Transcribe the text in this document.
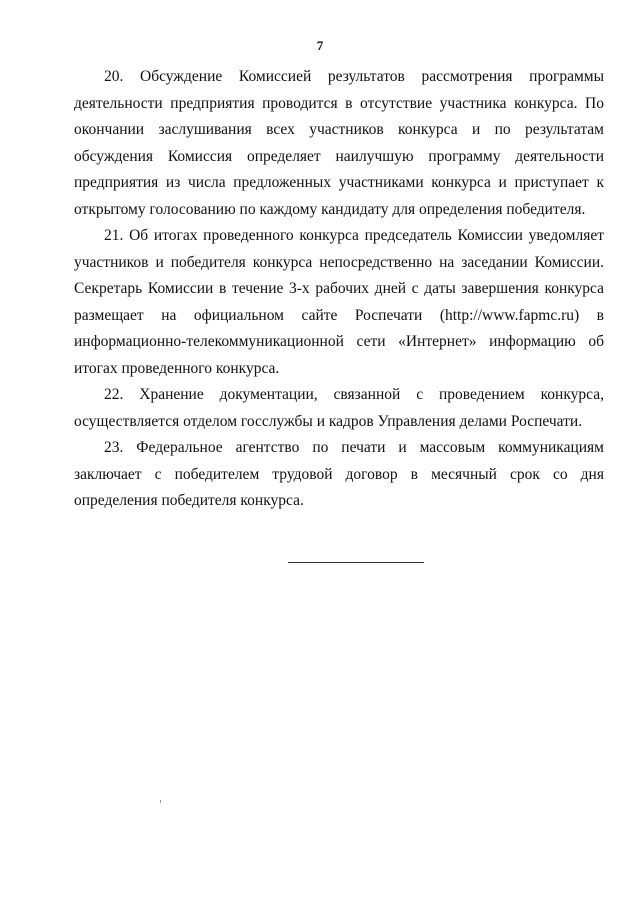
7

20. Обсуждение Комиссией результатов рассмотрения программы деятельности предприятия проводится в отсутствие участника конкурса. По окончании заслушивания всех участников конкурса и по результатам обсуждения Комиссия определяет наилучшую программу деятельности предприятия из числа предложенных участниками конкурса и приступает к открытому голосованию по каждому кандидату для определения победителя.

21. Об итогах проведенного конкурса председатель Комиссии уведомляет участников и победителя конкурса непосредственно на заседании Комиссии. Секретарь Комиссии в течение 3-х рабочих дней с даты завершения конкурса размещает на официальном сайте Роспечати (http://www.fapmc.ru) в информационно-телекоммуникационной сети «Интернет» информацию об итогах проведенного конкурса.

22. Хранение документации, связанной с проведением конкурса, осуществляется отделом госслужбы и кадров Управления делами Роспечати.

23. Федеральное агентство по печати и массовым коммуникациям заключает с победителем трудовой договор в месячный срок со дня определения победителя конкурса.
